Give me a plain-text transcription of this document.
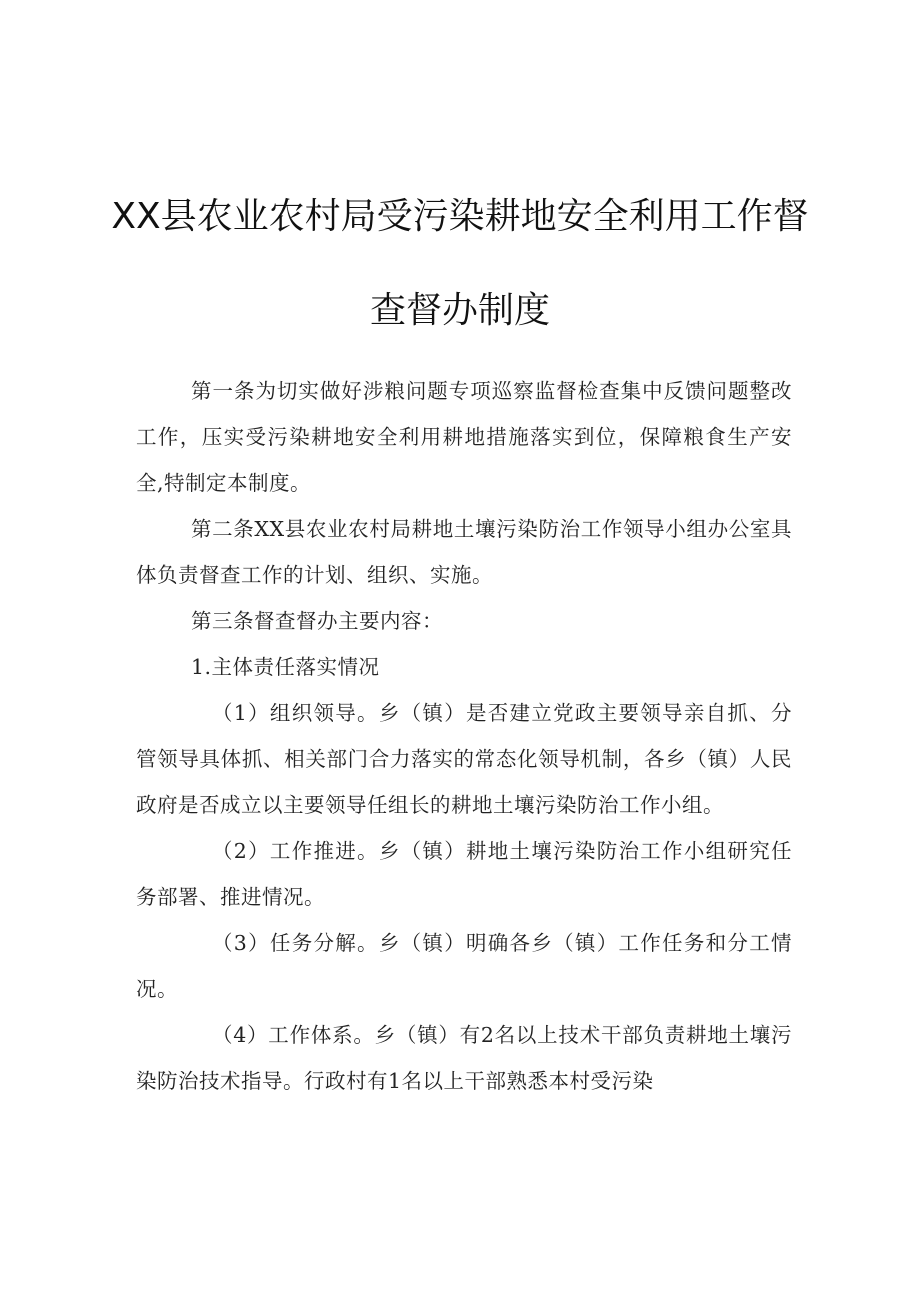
XX县农业农村局受污染耕地安全利用工作督
查督办制度

第一条为切实做好涉粮问题专项巡察监督检查集中反馈问题整改工作，压实受污染耕地安全利用耕地措施落实到位，保障粮食生产安全,特制定本制度。

第二条XX县农业农村局耕地土壤污染防治工作领导小组办公室具体负责督查工作的计划、组织、实施。

第三条督查督办主要内容：

1.主体责任落实情况

（1）组织领导。乡（镇）是否建立党政主要领导亲自抓、分管领导具体抓、相关部门合力落实的常态化领导机制，各乡（镇）人民政府是否成立以主要领导任组长的耕地土壤污染防治工作小组。

（2）工作推进。乡（镇）耕地土壤污染防治工作小组研究任务部署、推进情况。

（3）任务分解。乡（镇）明确各乡（镇）工作任务和分工情况。

（4）工作体系。乡（镇）有2名以上技术干部负责耕地土壤污染防治技术指导。行政村有1名以上干部熟悉本村受污染
